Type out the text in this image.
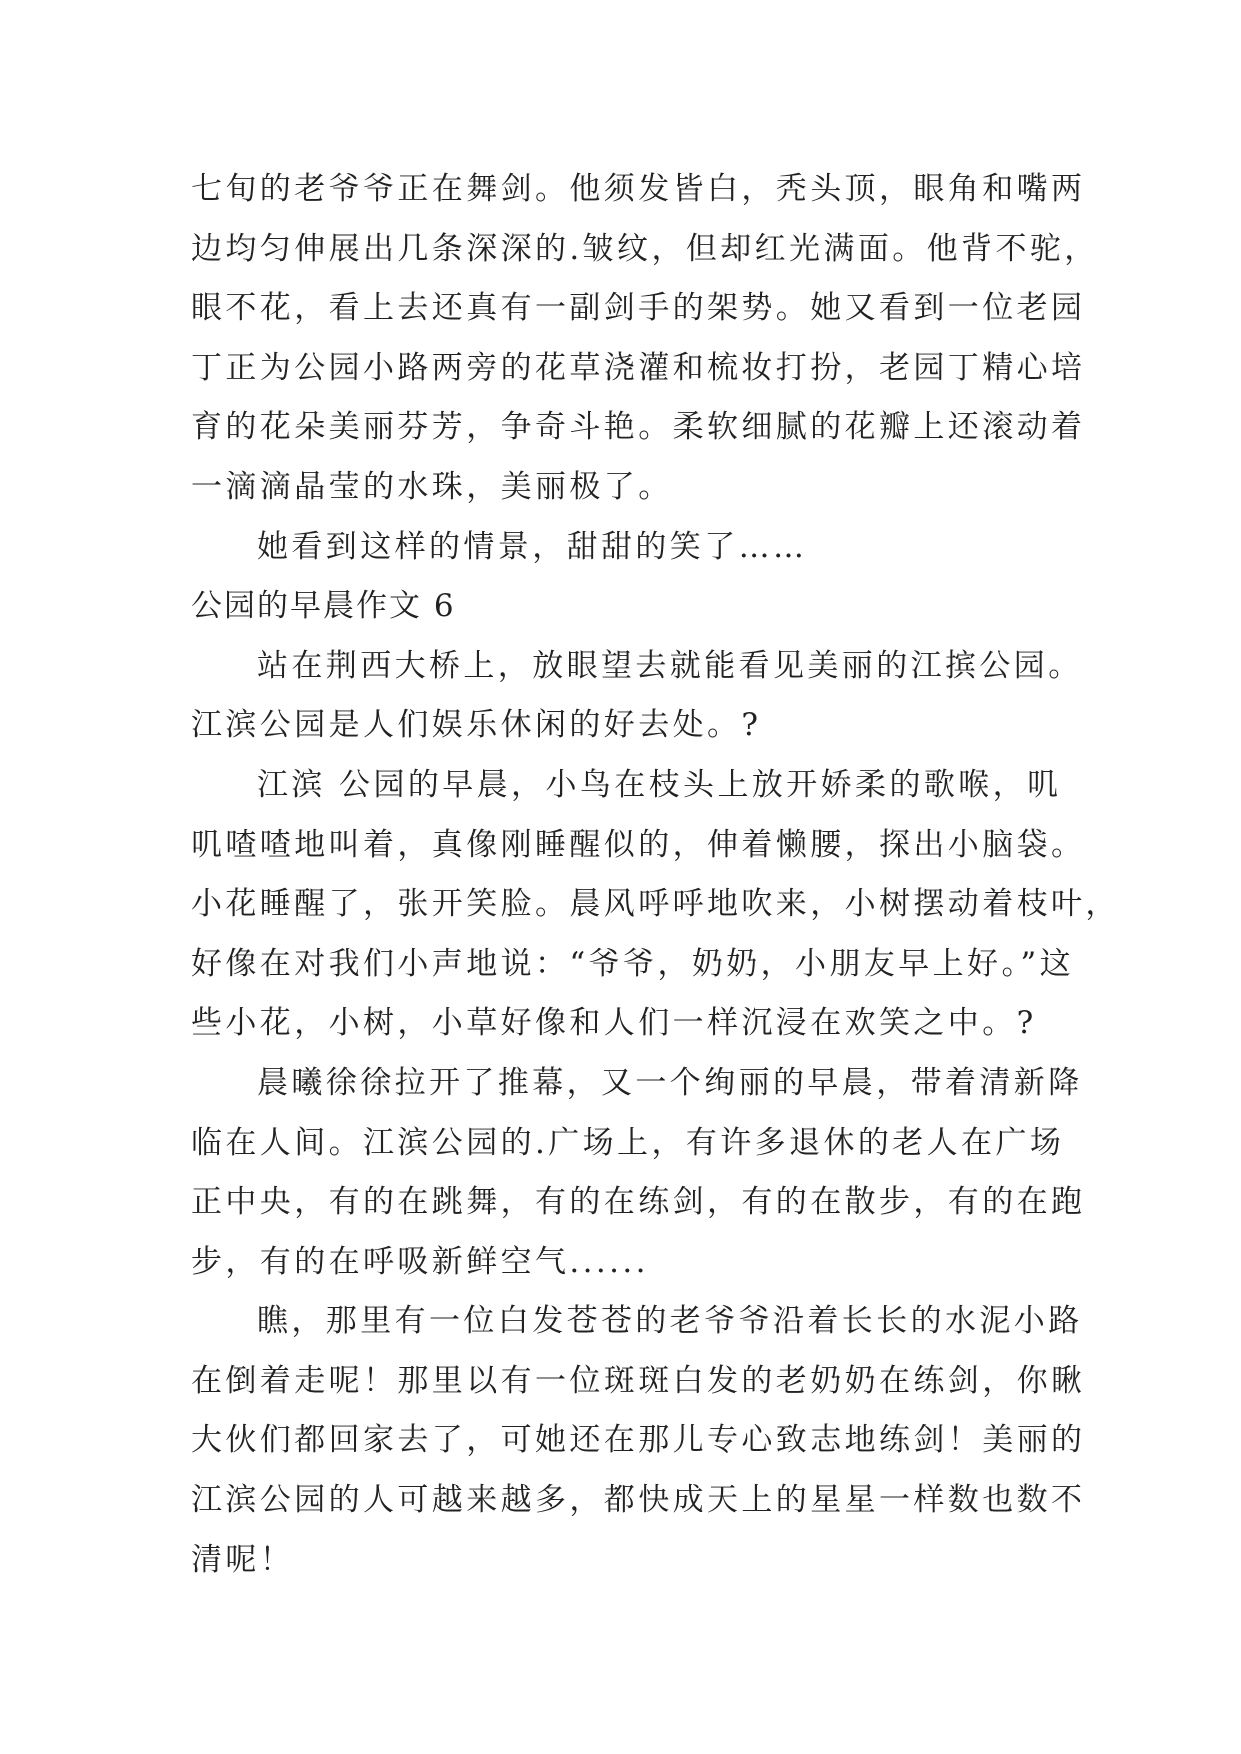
七旬的老爷爷正在舞剑。他须发皆白，秃头顶，眼角和嘴两

边均匀伸展出几条深深的.皱纹，但却红光满面。他背不驼，

眼不花，看上去还真有一副剑手的架势。她又看到一位老园

丁正为公园小路两旁的花草浇灌和梳妆打扮，老园丁精心培

育的花朵美丽芬芳，争奇斗艳。柔软细腻的花瓣上还滚动着

一滴滴晶莹的水珠，美丽极了。

她看到这样的情景，甜甜的笑了……

公园的早晨作文 6

站在荆西大桥上，放眼望去就能看见美丽的江摈公园。

江滨公园是人们娱乐休闲的好去处。?

江滨 公园的早晨，小鸟在枝头上放开娇柔的歌喉，叽

叽喳喳地叫着，真像刚睡醒似的，伸着懒腰，探出小脑袋。

小花睡醒了，张开笑脸。晨风呼呼地吹来，小树摆动着枝叶，

好像在对我们小声地说：“爷爷，奶奶，小朋友早上好。”这

些小花，小树，小草好像和人们一样沉浸在欢笑之中。?

晨曦徐徐拉开了推幕，又一个绚丽的早晨，带着清新降

临在人间。江滨公园的.广场上，有许多退休的老人在广场

正中央，有的在跳舞，有的在练剑，有的在散步，有的在跑

步，有的在呼吸新鲜空气......

瞧，那里有一位白发苍苍的老爷爷沿着长长的水泥小路

在倒着走呢！那里以有一位斑斑白发的老奶奶在练剑，你瞅

大伙们都回家去了，可她还在那儿专心致志地练剑！美丽的

江滨公园的人可越来越多，都快成天上的星星一样数也数不

清呢！
